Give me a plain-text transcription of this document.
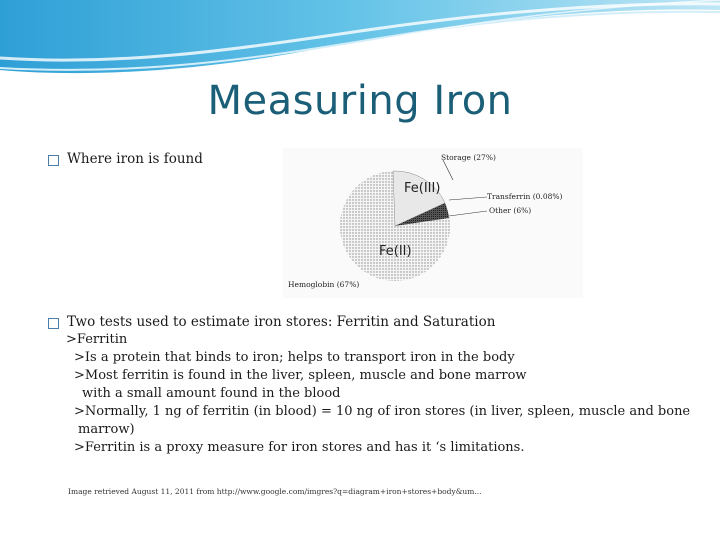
Measuring Iron
Where iron is found	Storage (27%)
Fe(III)
Transferrin (0.08%)
Other (6%)
Fe(II)
Hemoglobin (67%)
Two tests used to estimate iron stores: Ferritin and Saturation
>Ferritin
>Is a protein that binds to iron; helps to transport iron in the body
>Most ferritin is found in the liver, spleen, muscle and bone marrow
with a small amount found in the blood
>Normally, 1 ng of ferritin (in blood) = 10 ng of iron stores (in liver, spleen, muscle and bone
marrow)
>Ferritin is a proxy measure for iron stores and has it ‘s limitations.
Image retrieved August 11, 2011 from http://www.google.com/imgres?q=diagram+iron+stores+body&um...
